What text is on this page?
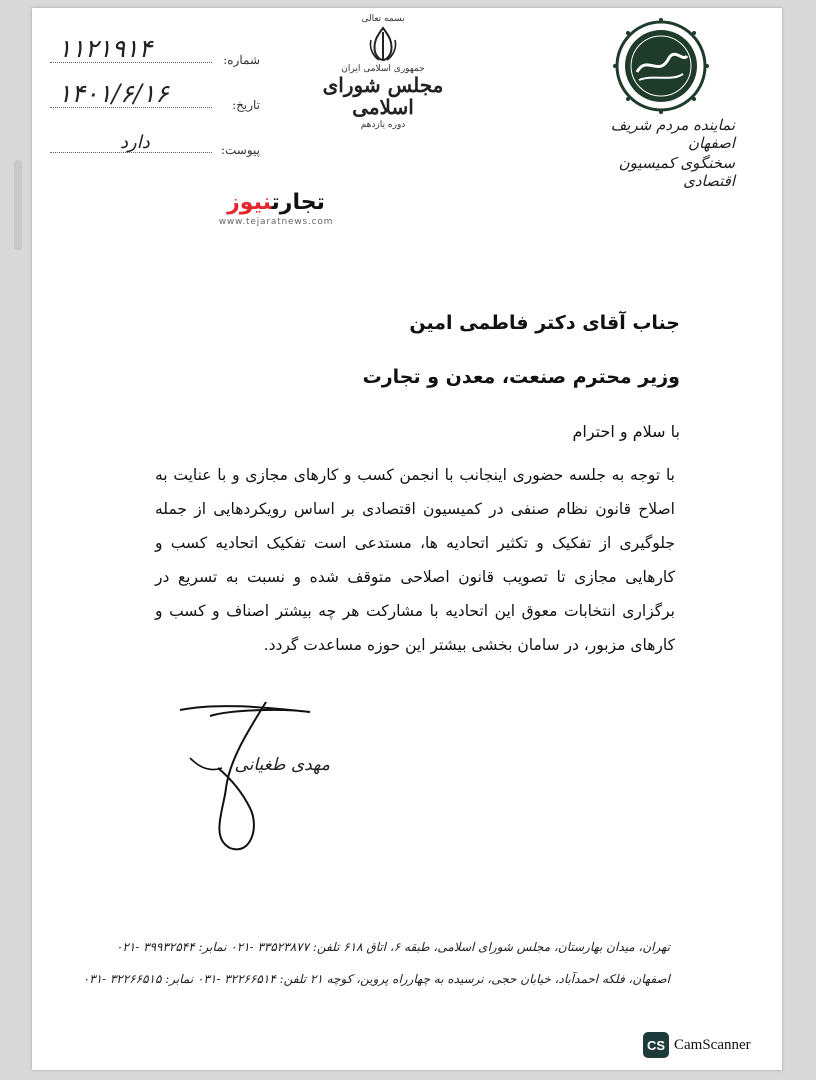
۱۱۲۱۹۱۴	شماره:
۱۴۰۱/۶/۱۶	تاریخ:
دارد	پیوست:
بسمه تعالی
جمهوری اسلامی ایران
مجلس شورای اسلامی
دوره یازدهم
تجارتنیوز
www.tejaratnews.com
نماینده مردم شریف اصفهان
سخنگوی کمیسیون اقتصادی
جناب آقای دکتر فاطمی امین
وزیر محترم صنعت، معدن و تجارت
با سلام و احترام
با توجه به جلسه حضوری اینجانب با انجمن کسب و کارهای مجازی و با عنایت به اصلاح قانون نظام صنفی در کمیسیون اقتصادی بر اساس رویکردهایی از جمله جلوگیری از تفکیک و تکثیر اتحادیه ها، مستدعی است تفکیک اتحادیه کسب و کارهایی مجازی تا تصویب قانون اصلاحی متوقف شده و نسبت به تسریع در برگزاری انتخابات معوق این اتحادیه با مشارکت هر چه بیشتر اصناف و کسب و کارهای مزبور، در سامان بخشی بیشتر این حوزه مساعدت گردد.
مهدی طغیانی
تهران، میدان بهارستان، مجلس شورای اسلامی، طبقه ۶، اتاق ۶۱۸ تلفن: ۳۳۵۲۳۸۷۷ -۰۲۱ نمابر: ۳۹۹۳۲۵۴۴ -۰۲۱
اصفهان، فلکه احمدآباد، خیابان حجی، نرسیده به چهارراه پروین، کوچه ۲۱ تلفن: ۳۲۲۶۶۵۱۴ -۰۳۱ نمابر: ۳۲۲۶۶۵۱۵ -۰۳۱
CS CamScanner
